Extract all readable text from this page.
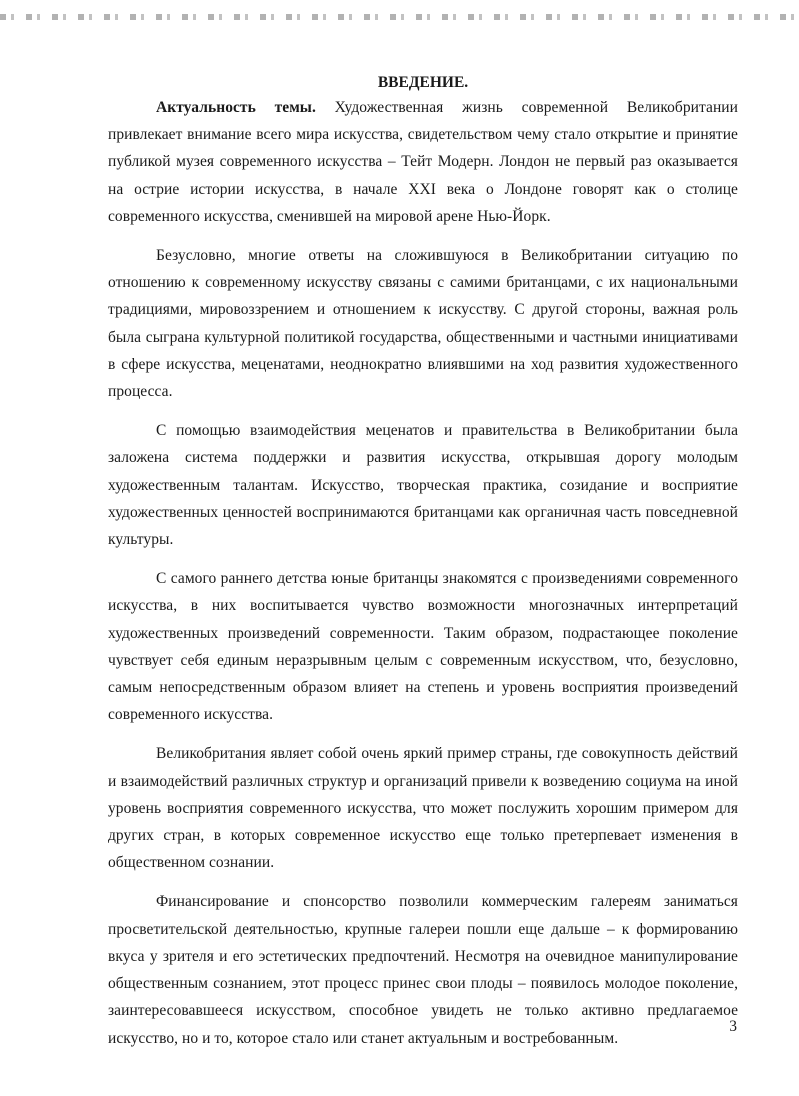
ВВЕДЕНИЕ.

Актуальность темы. Художественная жизнь современной Великобритании привлекает внимание всего мира искусства, свидетельством чему стало открытие и принятие публикой музея современного искусства – Тейт Модерн. Лондон не первый раз оказывается на острие истории искусства, в начале XXI века о Лондоне говорят как о столице современного искусства, сменившей на мировой арене Нью-Йорк.

Безусловно, многие ответы на сложившуюся в Великобритании ситуацию по отношению к современному искусству связаны с самими британцами, с их национальными традициями, мировоззрением и отношением к искусству. С другой стороны, важная роль была сыграна культурной политикой государства, общественными и частными инициативами в сфере искусства, меценатами, неоднократно влиявшими на ход развития художественного процесса.

С помощью взаимодействия меценатов и правительства в Великобритании была заложена система поддержки и развития искусства, открывшая дорогу молодым художественным талантам. Искусство, творческая практика, созидание и восприятие художественных ценностей воспринимаются британцами как органичная часть повседневной культуры.

С самого раннего детства юные британцы знакомятся с произведениями современного искусства, в них воспитывается чувство возможности многозначных интерпретаций художественных произведений современности. Таким образом, подрастающее поколение чувствует себя единым неразрывным целым с современным искусством, что, безусловно, самым непосредственным образом влияет на степень и уровень восприятия произведений современного искусства.

Великобритания являет собой очень яркий пример страны, где совокупность действий и взаимодействий различных структур и организаций привели к возведению социума на иной уровень восприятия современного искусства, что может послужить хорошим примером для других стран, в которых современное искусство еще только претерпевает изменения в общественном сознании.

Финансирование и спонсорство позволили коммерческим галереям заниматься просветительской деятельностью, крупные галереи пошли еще дальше – к формированию вкуса у зрителя и его эстетических предпочтений. Несмотря на очевидное манипулирование общественным сознанием, этот процесс принес свои плоды – появилось молодое поколение, заинтересовавшееся искусством, способное увидеть не только активно предлагаемое искусство, но и то, которое стало или станет актуальным и востребованным.

3
